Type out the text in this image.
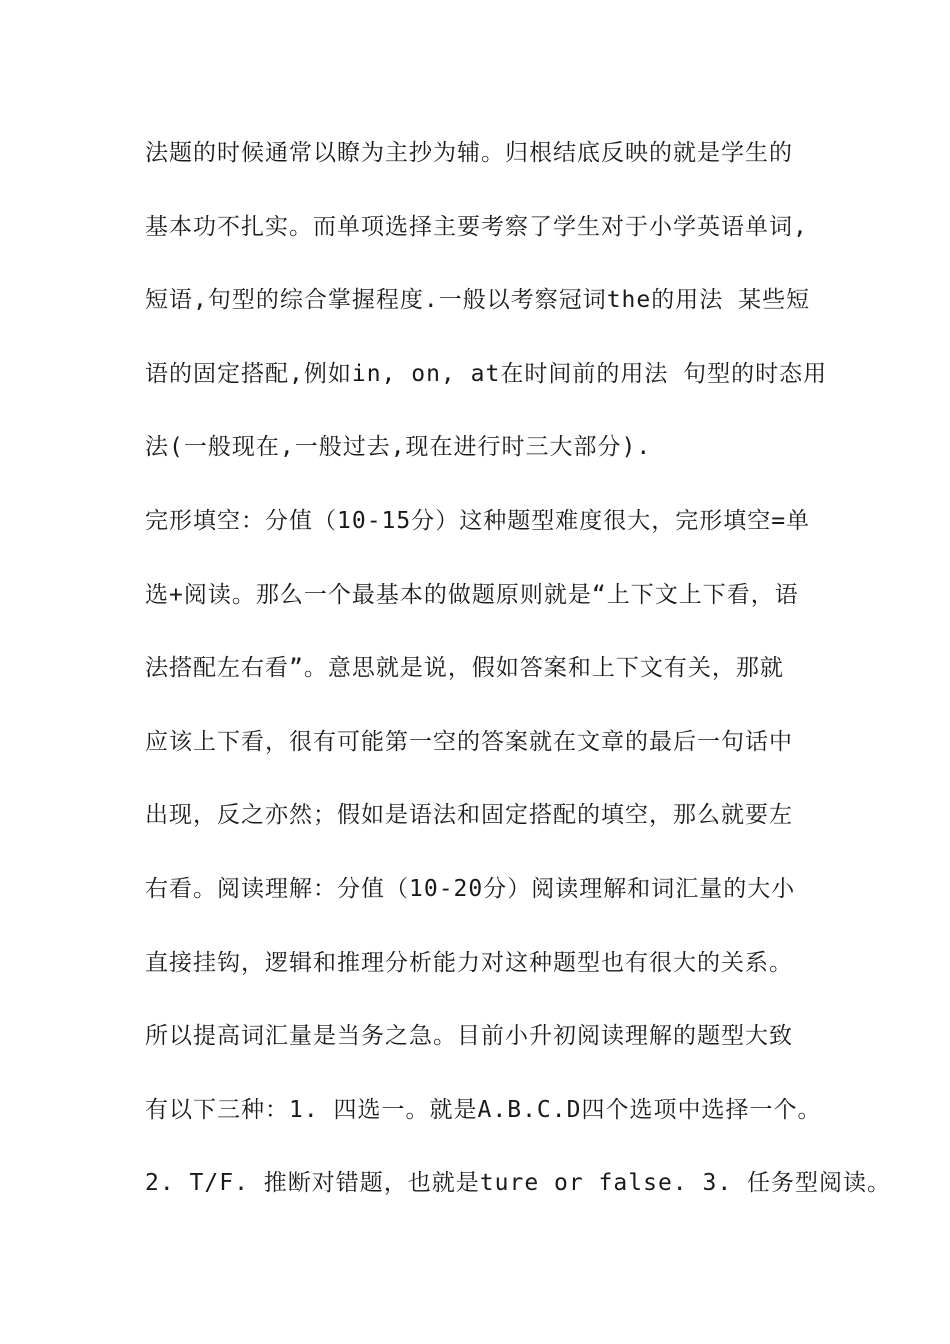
法题的时候通常以瞭为主抄为辅。归根结底反映的就是学生的
基本功不扎实。而单项选择主要考察了学生对于小学英语单词,
短语,句型的综合掌握程度.一般以考察冠词the的用法 某些短
语的固定搭配,例如in, on, at在时间前的用法 句型的时态用
法(一般现在,一般过去,现在进行时三大部分).
完形填空：分值（10-15分）这种题型难度很大，完形填空=单
选+阅读。那么一个最基本的做题原则就是“上下文上下看，语
法搭配左右看”。意思就是说，假如答案和上下文有关，那就
应该上下看，很有可能第一空的答案就在文章的最后一句话中
出现，反之亦然；假如是语法和固定搭配的填空，那么就要左
右看。阅读理解：分值（10-20分）阅读理解和词汇量的大小
直接挂钩，逻辑和推理分析能力对这种题型也有很大的关系。
所以提高词汇量是当务之急。目前小升初阅读理解的题型大致
有以下三种：1. 四选一。就是A.B.C.D四个选项中选择一个。
2. T/F. 推断对错题，也就是ture or false. 3. 任务型阅读。
